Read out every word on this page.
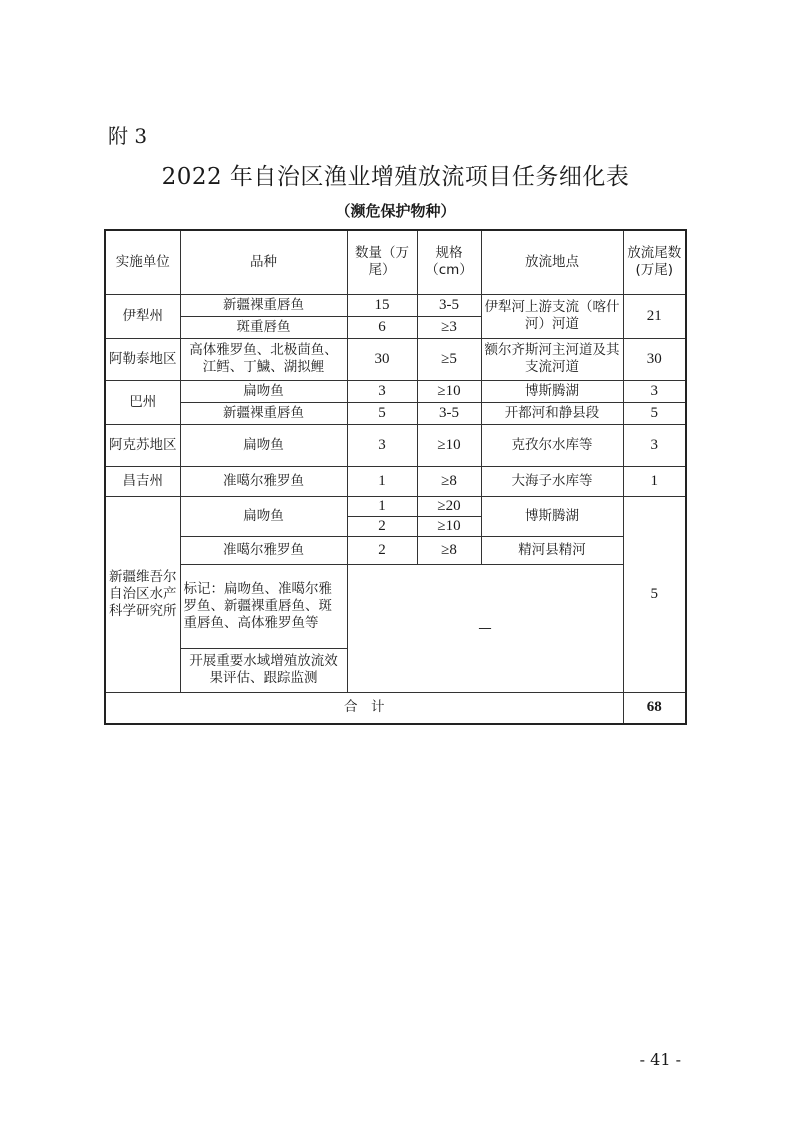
附 3
2022 年自治区渔业增殖放流项目任务细化表
（濒危保护物种）
实施单位	品种	数量（万尾）	规格（cm）	放流地点	放流尾数(万尾)
伊犁州	新疆裸重唇鱼	15	3-5	伊犁河上游支流（喀什河）河道	21
	斑重唇鱼	6	≥3		
阿勒泰地区	高体雅罗鱼、北极茴鱼、江鳕、丁鱥、湖拟鲤	30	≥5	额尔齐斯河主河道及其支流河道	30
巴州	扁吻鱼	3	≥10	博斯腾湖	3
	新疆裸重唇鱼	5	3-5	开都河和静县段	5
阿克苏地区	扁吻鱼	3	≥10	克孜尔水库等	3
昌吉州	准噶尔雅罗鱼	1	≥8	大海子水库等	1
新疆维吾尔自治区水产科学研究所	扁吻鱼	1	≥20	博斯腾湖	5
		2	≥10		
	准噶尔雅罗鱼	2	≥8	精河县精河	
	标记：扁吻鱼、准噶尔雅罗鱼、新疆裸重唇鱼、斑重唇鱼、高体雅罗鱼等	—			
	开展重要水域增殖放流效果评估、跟踪监测				

合　计					68
- 41 -
